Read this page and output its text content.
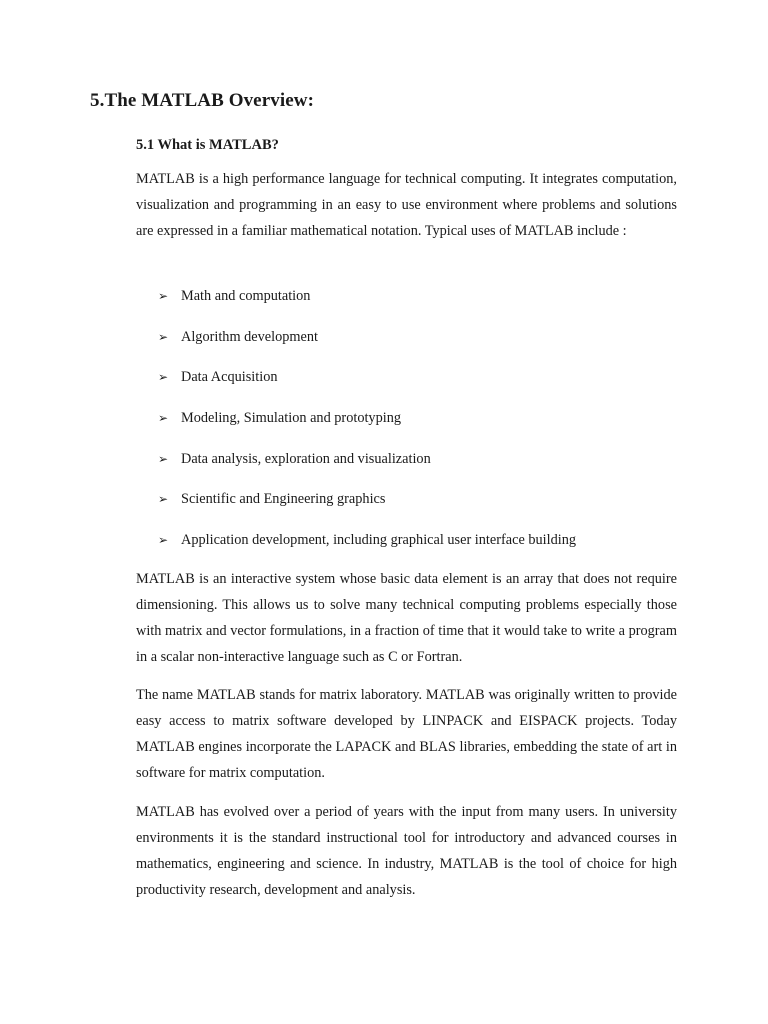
5.The MATLAB Overview:
5.1 What is MATLAB?

MATLAB is a high performance language for technical computing. It integrates computation, visualization and programming in an easy to use environment where problems and solutions are expressed in a familiar mathematical notation. Typical uses of MATLAB include :

➢ Math and computation
➢ Algorithm development
➢ Data Acquisition
➢ Modeling, Simulation and prototyping
➢ Data analysis, exploration and visualization
➢ Scientific and Engineering graphics
➢ Application development, including graphical user interface building

MATLAB is an interactive system whose basic data element is an array that does not require dimensioning. This allows us to solve many technical computing problems especially those with matrix and vector formulations, in a fraction of time that it would take to write a program in a scalar non-interactive language such as C or Fortran.

The name MATLAB stands for matrix laboratory. MATLAB was originally written to provide easy access to matrix software developed by LINPACK and EISPACK projects. Today MATLAB engines incorporate the LAPACK and BLAS libraries, embedding the state of art in software for matrix computation.

MATLAB has evolved over a period of years with the input from many users. In university environments it is the standard instructional tool for introductory and advanced courses in mathematics, engineering and science. In industry, MATLAB is the tool of choice for high productivity research, development and analysis.
